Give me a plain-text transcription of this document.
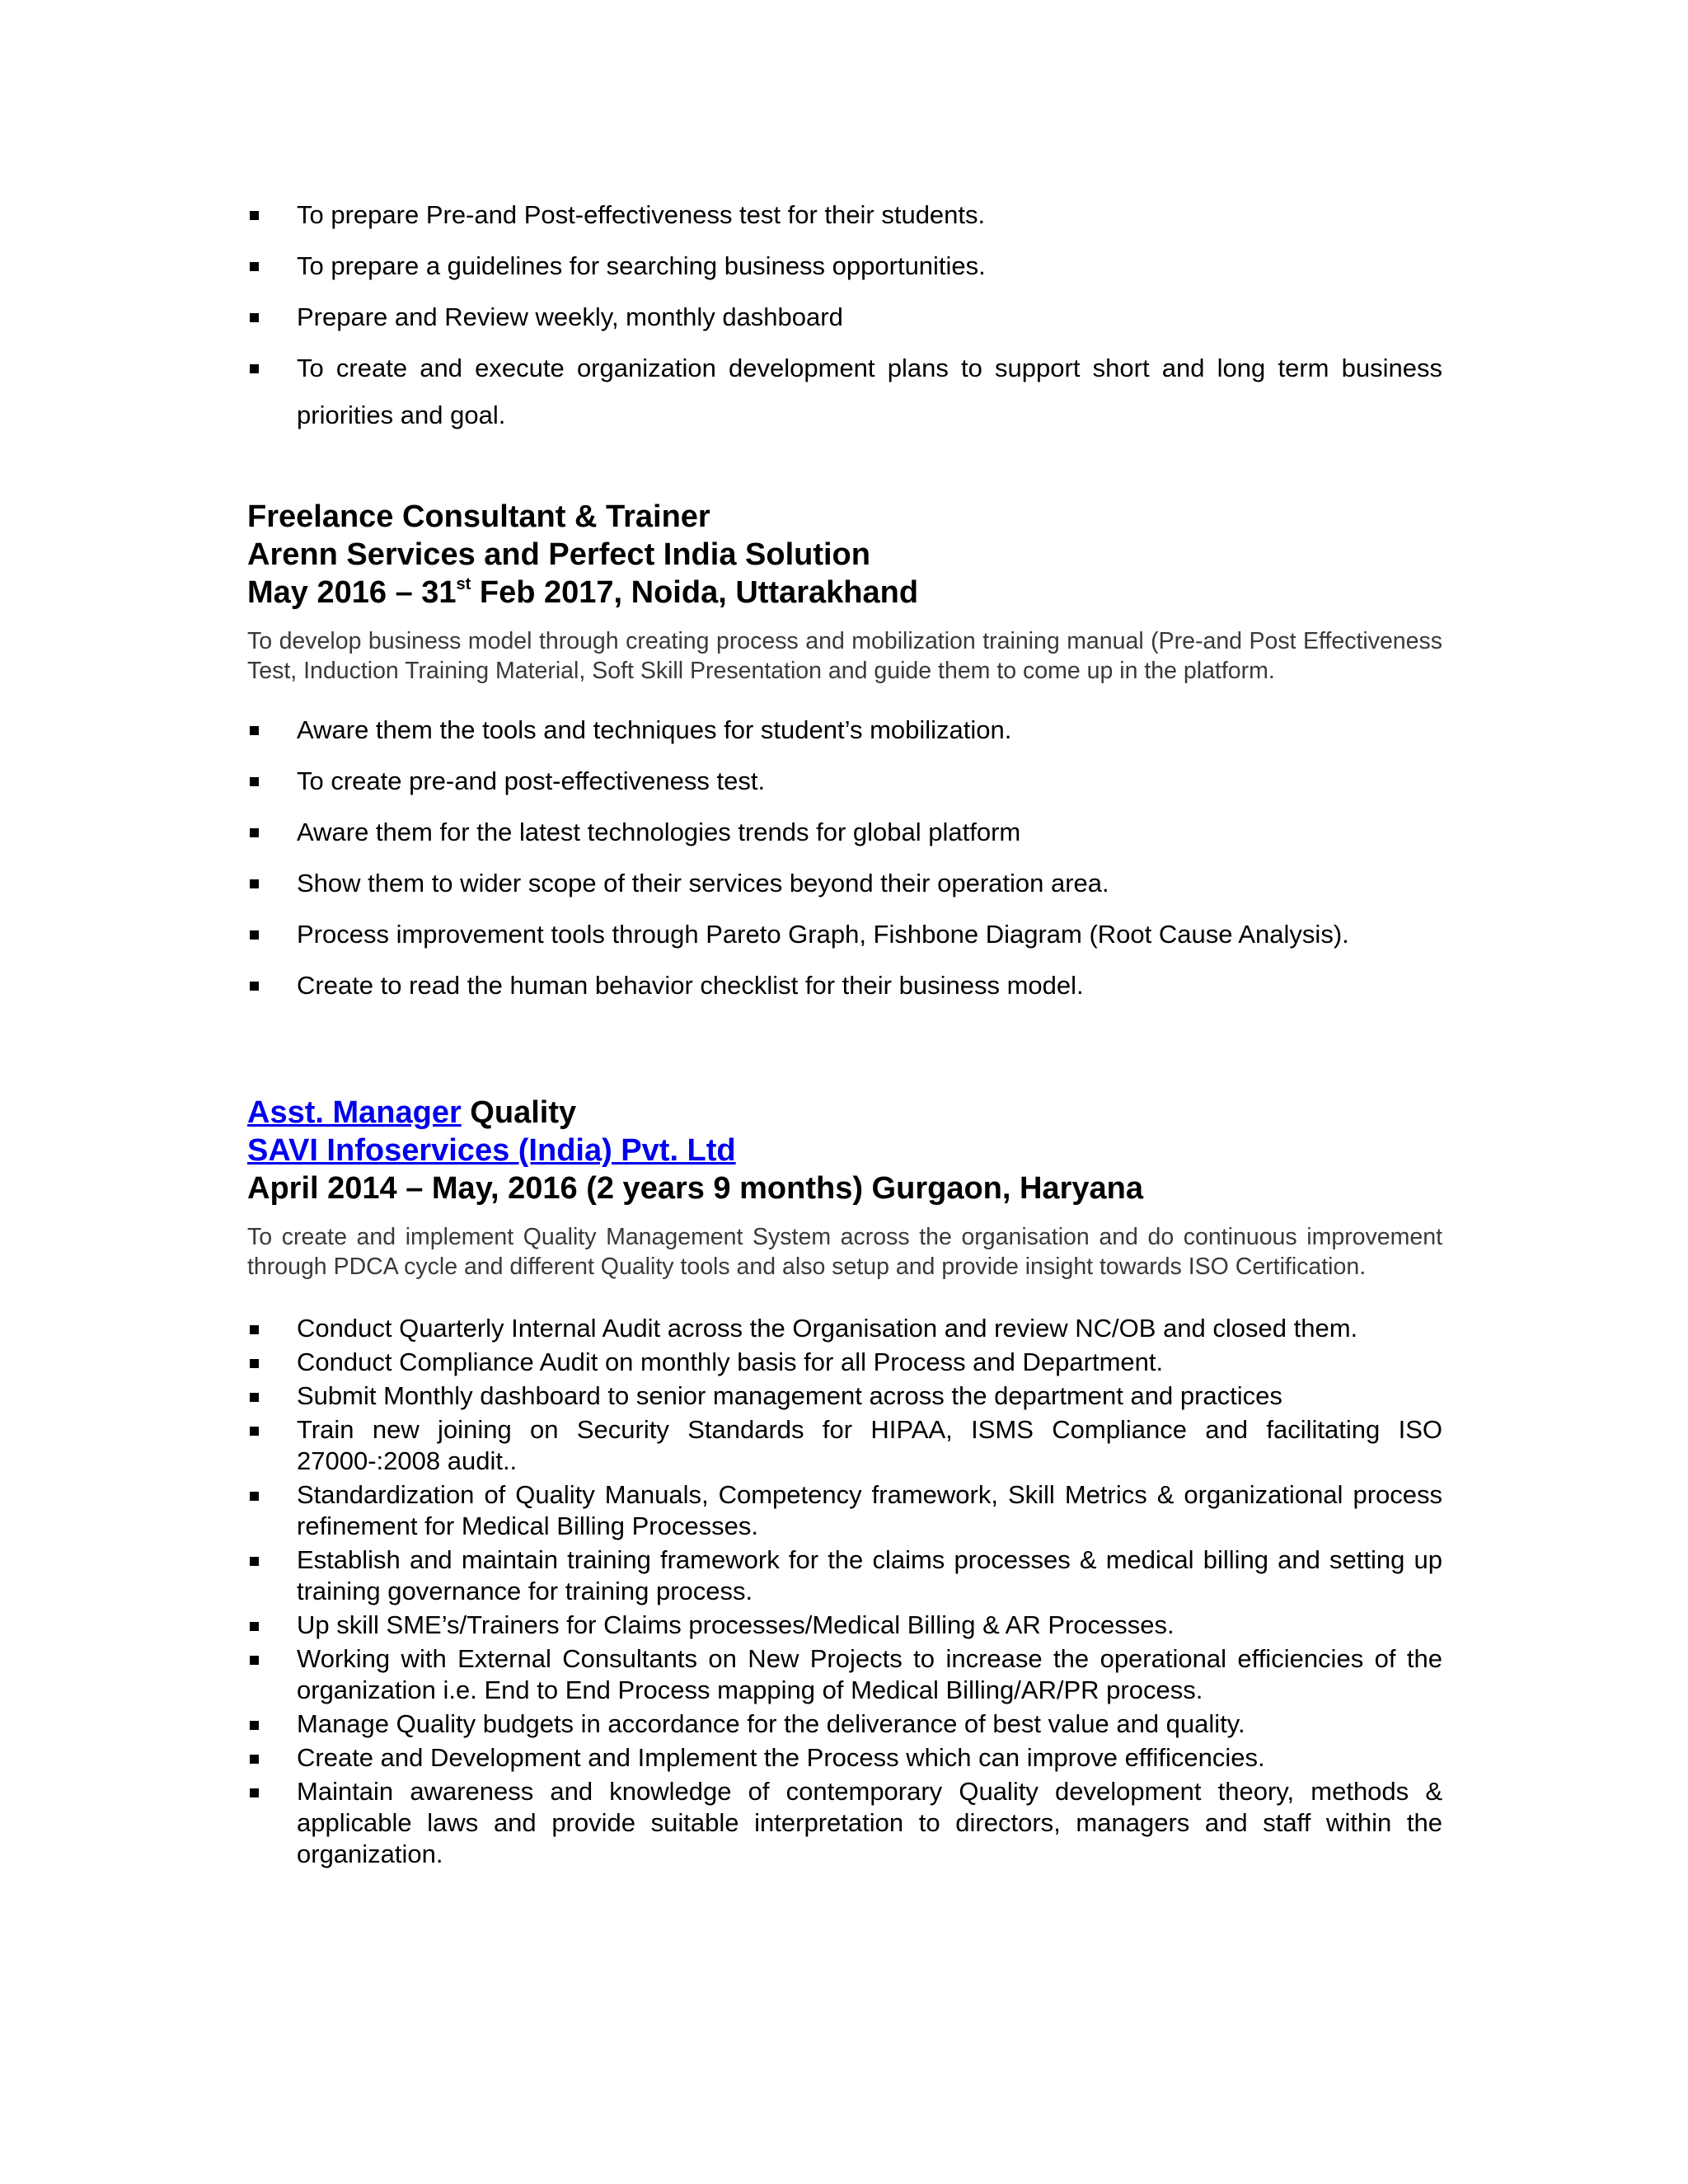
To prepare Pre-and Post-effectiveness test for their students.
To prepare a guidelines for searching business opportunities.
Prepare and Review weekly, monthly dashboard
To create and execute organization development plans to support short and long term business priorities and goal.

Freelance Consultant & Trainer

Arenn Services and Perfect India Solution

May 2016 – 31st Feb 2017, Noida, Uttarakhand

To develop business model through creating process and mobilization training manual (Pre-and Post Effectiveness Test, Induction Training Material, Soft Skill Presentation and guide them to come up in the platform.

Aware them the tools and techniques for student’s mobilization.
To create pre-and post-effectiveness test.
Aware them for the latest technologies trends for global platform
Show them to wider scope of their services beyond their operation area.
Process improvement tools through Pareto Graph, Fishbone Diagram (Root Cause Analysis).
Create to read the human behavior checklist for their business model.

Asst. Manager Quality

SAVI Infoservices (India) Pvt. Ltd

April 2014 – May, 2016 (2 years 9 months) Gurgaon, Haryana

To create and implement Quality Management System across the organisation and do continuous improvement through PDCA cycle and different Quality tools and also setup and provide insight towards ISO Certification.

Conduct Quarterly Internal Audit across the Organisation and review NC/OB and closed them.
Conduct Compliance Audit on monthly basis for all Process and Department.
Submit Monthly dashboard to senior management across the department and practices
Train new joining on Security Standards for HIPAA, ISMS Compliance and facilitating ISO 27000-:2008 audit..
Standardization of Quality Manuals, Competency framework, Skill Metrics & organizational process refinement for Medical Billing Processes.
Establish and maintain training framework for the claims processes & medical billing and setting up training governance for training process.
Up skill SME’s/Trainers for Claims processes/Medical Billing & AR Processes.
Working with External Consultants on New Projects to increase the operational efficiencies of the organization i.e. End to End Process mapping of Medical Billing/AR/PR process.
Manage Quality budgets in accordance for the deliverance of best value and quality.
Create and Development and Implement the Process which can improve effificencies.
Maintain awareness and knowledge of contemporary Quality development theory, methods & applicable laws and provide suitable interpretation to directors, managers and staff within the organization.
